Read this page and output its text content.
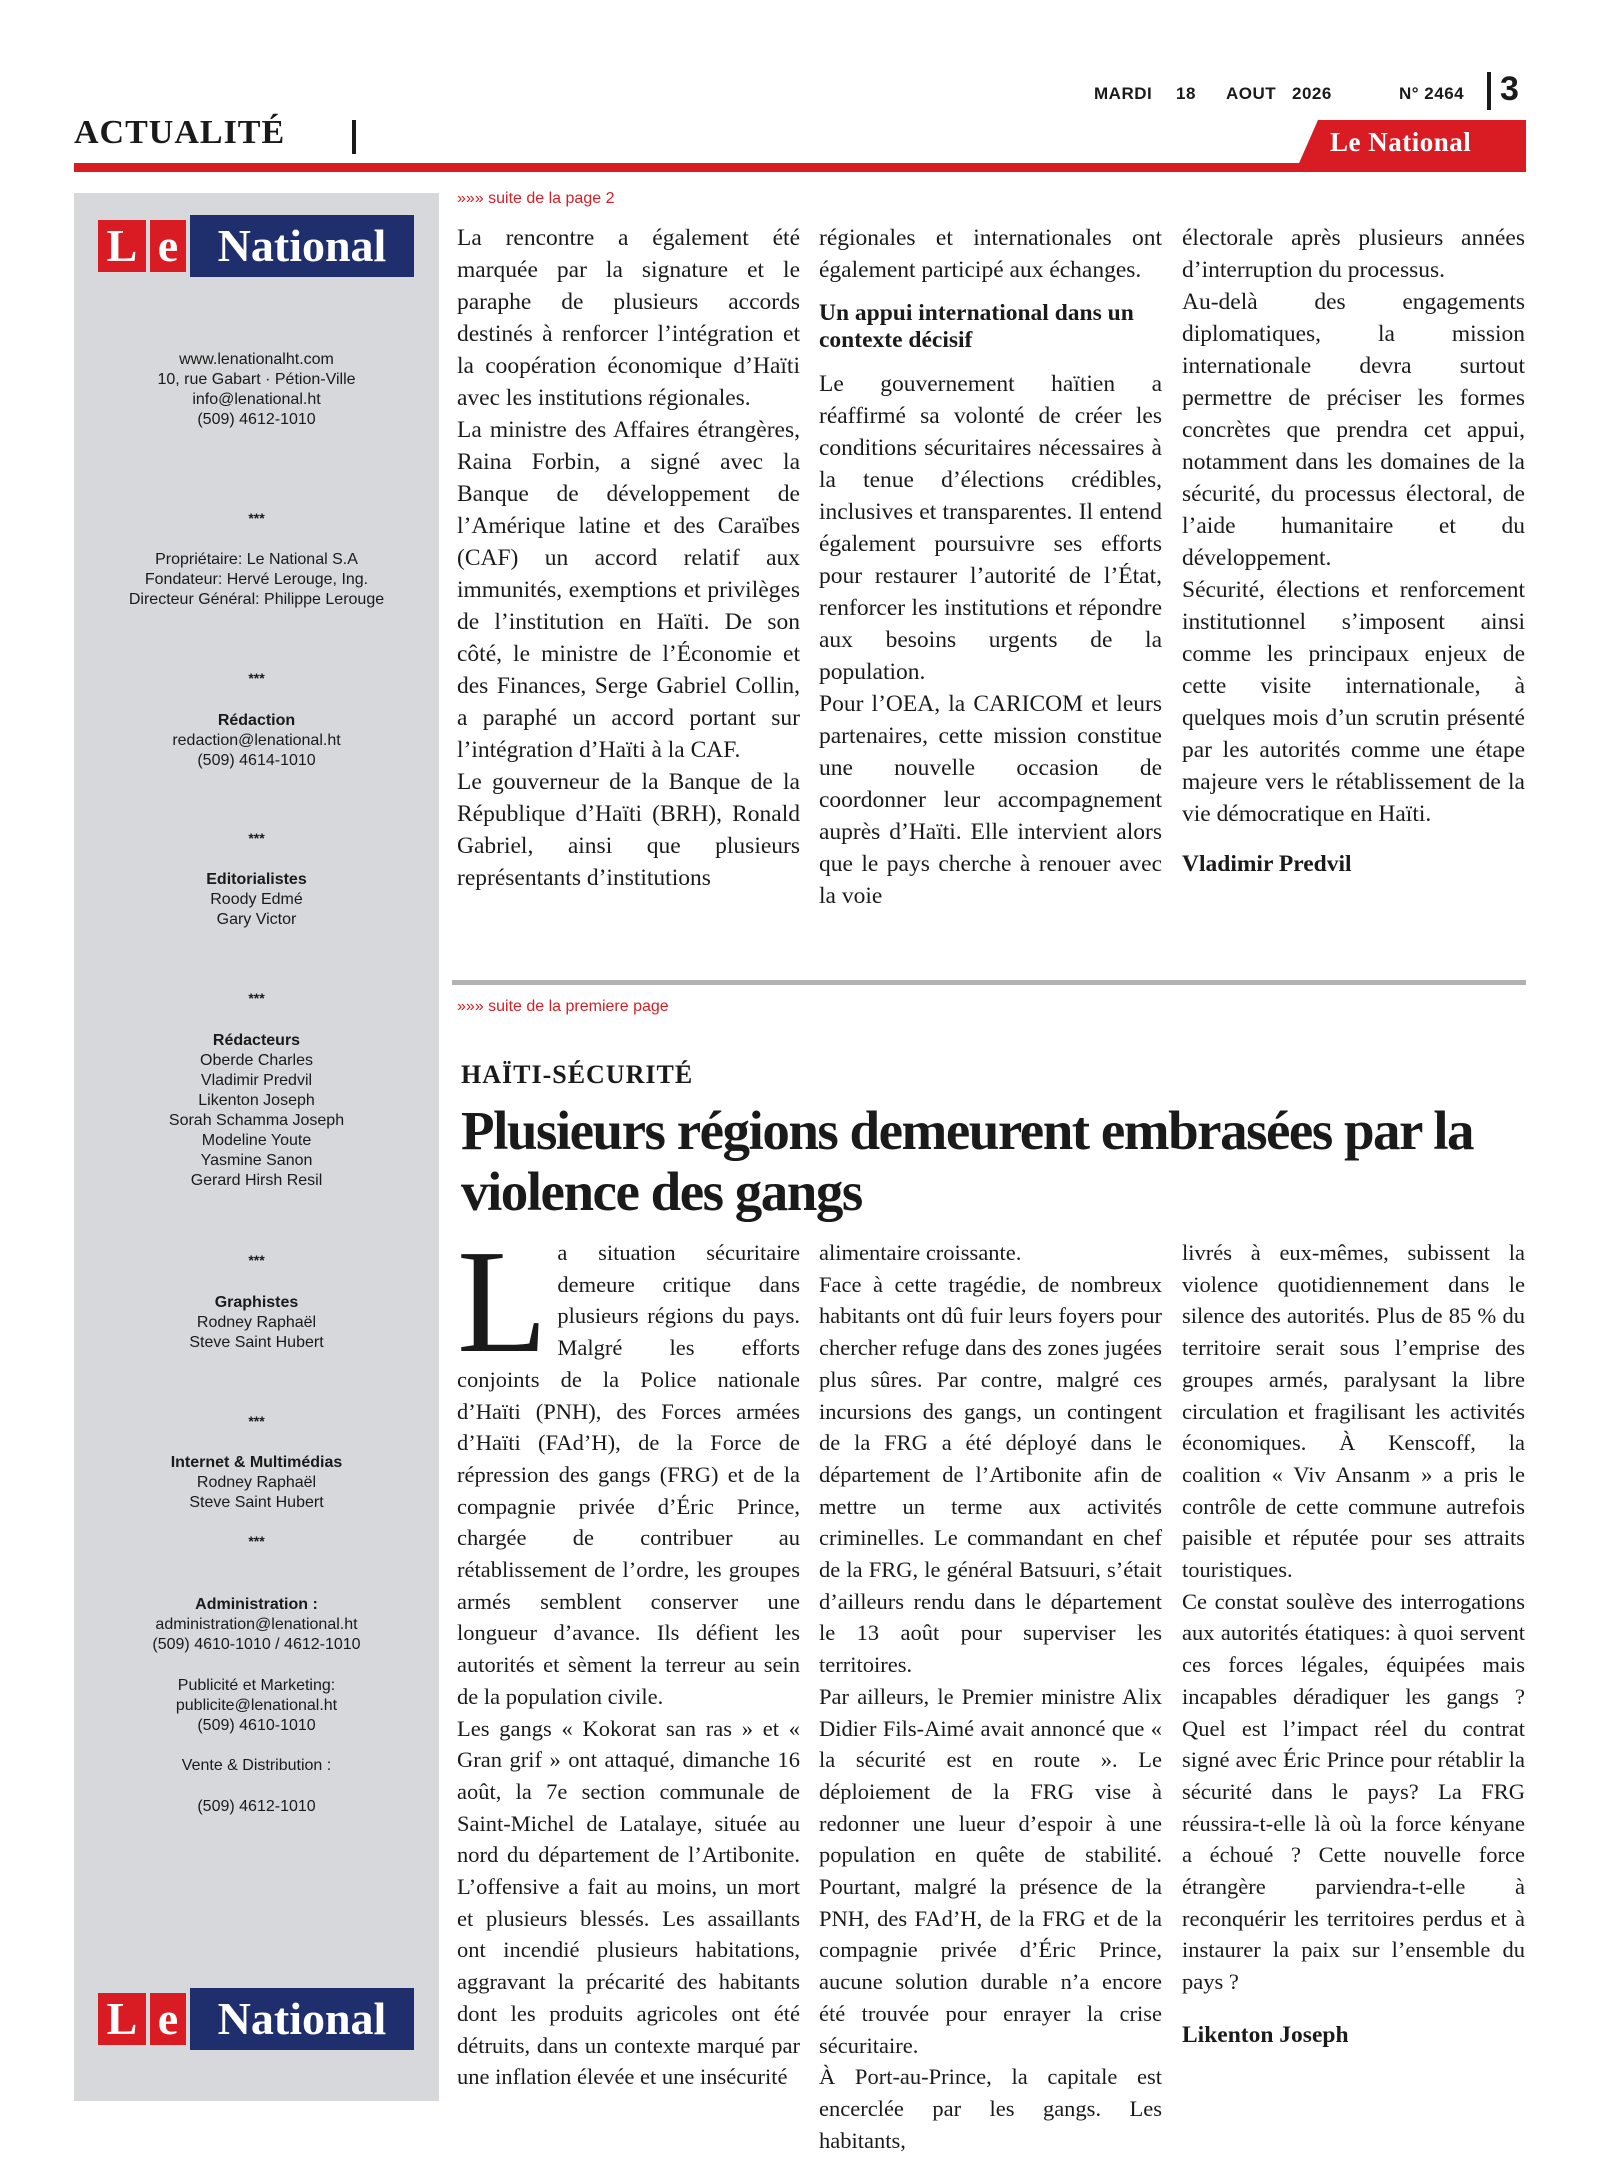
ACTUALITÉ
MARDI 18 AOUT 2026	N° 2464 3
Le National
L e National
www.lenationalht.com
10, rue Gabart · Pétion-Ville
info@lenational.ht
(509) 4612-1010
***
Propriétaire: Le National S.A
Fondateur: Hervé Lerouge, Ing.
Directeur Général: Philippe Lerouge
***
Rédaction
redaction@lenational.ht
(509) 4614-1010
***
Editorialistes
Roody Edmé
Gary Victor
***
Rédacteurs
Oberde Charles
Vladimir Predvil
Likenton Joseph
Sorah Schamma Joseph
Modeline Youte
Yasmine Sanon
Gerard Hirsh Resil
***
Graphistes
Rodney Raphaël
Steve Saint Hubert
***
Internet & Multimédias
Rodney Raphaël
Steve Saint Hubert
***
Administration :
administration@lenational.ht
(509) 4610-1010 / 4612-1010
Publicité et Marketing:
publicite@lenational.ht
(509) 4610-1010
Vente & Distribution :
(509) 4612-1010
L e National
»»» suite de la page 2

La rencontre a également été marquée par la signature et le paraphe de plusieurs accords destinés à renforcer l’intégration et la coopération économique d’Haïti avec les institutions régionales.

La ministre des Affaires étrangères, Raina Forbin, a signé avec la Banque de développement de l’Amérique latine et des Caraïbes (CAF) un accord relatif aux immunités, exemptions et privilèges de l’institution en Haïti. De son côté, le ministre de l’Économie et des Finances, Serge Gabriel Collin, a paraphé un accord portant sur l’intégration d’Haïti à la CAF.

Le gouverneur de la Banque de la République d’Haïti (BRH), Ronald Gabriel, ainsi que plusieurs représentants d’institutions

régionales et internationales ont également participé aux échanges.

Un appui international dans un contexte décisif

Le gouvernement haïtien a réaffirmé sa volonté de créer les conditions sécuritaires nécessaires à la tenue d’élections crédibles, inclusives et transparentes. Il entend également poursuivre ses efforts pour restaurer l’autorité de l’État, renforcer les institutions et répondre aux besoins urgents de la population.

Pour l’OEA, la CARICOM et leurs partenaires, cette mission constitue une nouvelle occasion de coordonner leur accompagnement auprès d’Haïti. Elle intervient alors que le pays cherche à renouer avec la voie

électorale après plusieurs années d’interruption du processus.

Au-delà des engagements diplomatiques, la mission internationale devra surtout permettre de préciser les formes concrètes que prendra cet appui, notamment dans les domaines de la sécurité, du processus électoral, de l’aide humanitaire et du développement.

Sécurité, élections et renforcement institutionnel s’imposent ainsi comme les principaux enjeux de cette visite internationale, à quelques mois d’un scrutin présenté par les autorités comme une étape majeure vers le rétablissement de la vie démocratique en Haïti.

Vladimir Predvil

»»» suite de la premiere page
HAÏTI-SÉCURITÉ
Plusieurs régions demeurent embrasées par la violence des gangs

La situation sécuritaire demeure critique dans plusieurs régions du pays. Malgré les efforts conjoints de la Police nationale d’Haïti (PNH), des Forces armées d’Haïti (FAd’H), de la Force de répression des gangs (FRG) et de la compagnie privée d’Éric Prince, chargée de contribuer au rétablissement de l’ordre, les groupes armés semblent conserver une longueur d’avance. Ils défient les autorités et sèment la terreur au sein de la population civile.

Les gangs « Kokorat san ras » et « Gran grif » ont attaqué, dimanche 16 août, la 7e section communale de Saint-Michel de Latalaye, située au nord du département de l’Artibonite. L’offensive a fait au moins, un mort et plusieurs blessés. Les assaillants ont incendié plusieurs habitations, aggravant la précarité des habitants dont les produits agricoles ont été détruits, dans un contexte marqué par une inflation élevée et une insécurité

alimentaire croissante.

Face à cette tragédie, de nombreux habitants ont dû fuir leurs foyers pour chercher refuge dans des zones jugées plus sûres. Par contre, malgré ces incursions des gangs, un contingent de la FRG a été déployé dans le département de l’Artibonite afin de mettre un terme aux activités criminelles. Le commandant en chef de la FRG, le général Batsuuri, s’était d’ailleurs rendu dans le département le 13 août pour superviser les territoires.

Par ailleurs, le Premier ministre Alix Didier Fils-Aimé avait annoncé que « la sécurité est en route ». Le déploiement de la FRG vise à redonner une lueur d’espoir à une population en quête de stabilité. Pourtant, malgré la présence de la PNH, des FAd’H, de la FRG et de la compagnie privée d’Éric Prince, aucune solution durable n’a encore été trouvée pour enrayer la crise sécuritaire.

À Port-au-Prince, la capitale est encerclée par les gangs. Les habitants,

livrés à eux-mêmes, subissent la violence quotidiennement dans le silence des autorités. Plus de 85 % du territoire serait sous l’emprise des groupes armés, paralysant la libre circulation et fragilisant les activités économiques. À Kenscoff, la coalition « Viv Ansanm » a pris le contrôle de cette commune autrefois paisible et réputée pour ses attraits touristiques.

Ce constat soulève des interrogations aux autorités étatiques: à quoi servent ces forces légales, équipées mais incapables déradiquer les gangs ? Quel est l’impact réel du contrat signé avec Éric Prince pour rétablir la sécurité dans le pays? La FRG réussira-t-elle là où la force kényane a échoué ? Cette nouvelle force étrangère parviendra-t-elle à reconquérir les territoires perdus et à instaurer la paix sur l’ensemble du pays ?

Likenton Joseph
